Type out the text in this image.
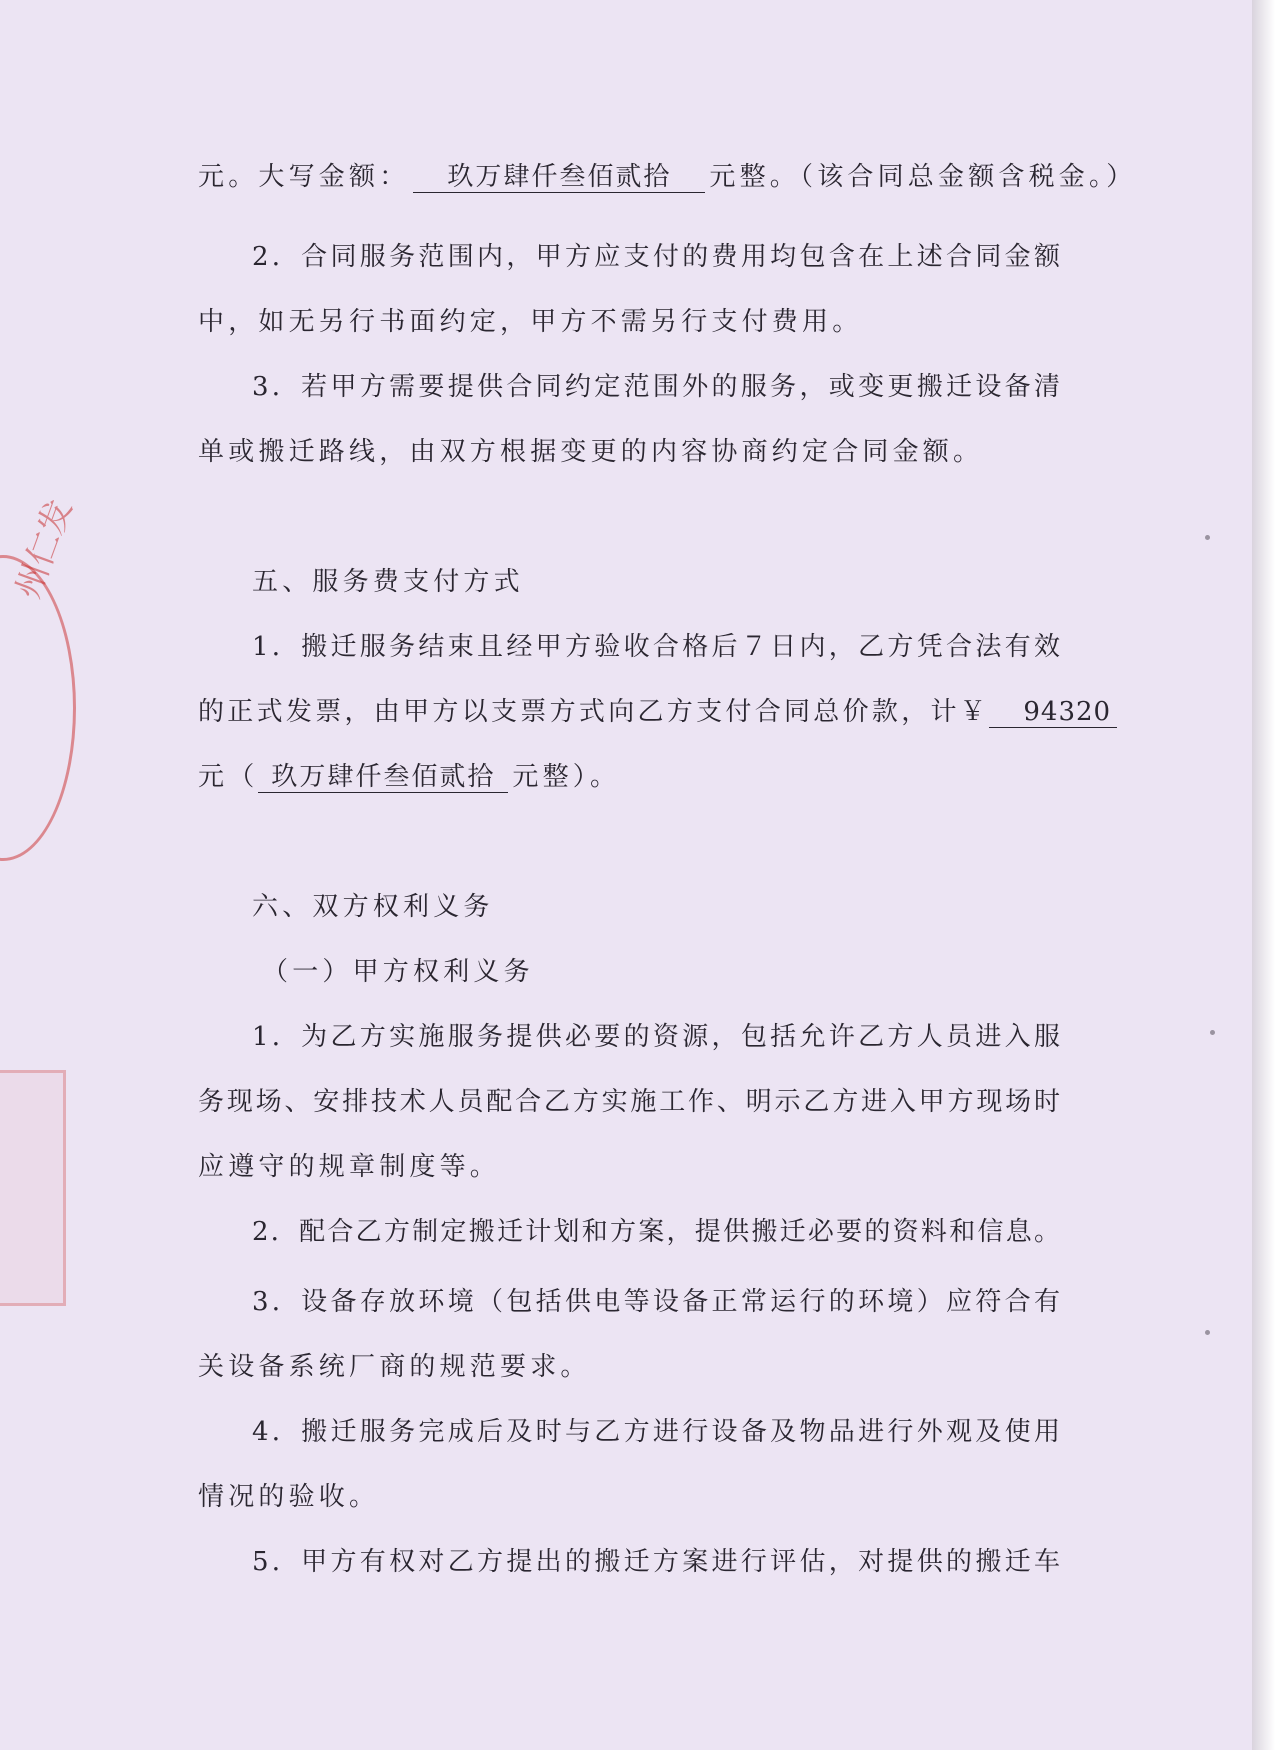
州仁发
元。大写金额： 玖万肆仟叁佰贰拾 元整。（该合同总金额含税金。）
2．合同服务范围内，甲方应支付的费用均包含在上述合同金额
中，如无另行书面约定，甲方不需另行支付费用。
3．若甲方需要提供合同约定范围外的服务，或变更搬迁设备清
单或搬迁路线，由双方根据变更的内容协商约定合同金额。
五、服务费支付方式
1．搬迁服务结束且经甲方验收合格后７日内，乙方凭合法有效
的正式发票，由甲方以支票方式向乙方支付合同总价款，计￥ 94320
元（ 玖万肆仟叁佰贰拾 元整）。
六、双方权利义务
（一）甲方权利义务
1．为乙方实施服务提供必要的资源，包括允许乙方人员进入服
务现场、安排技术人员配合乙方实施工作、明示乙方进入甲方现场时
应遵守的规章制度等。
2．配合乙方制定搬迁计划和方案，提供搬迁必要的资料和信息。
3．设备存放环境（包括供电等设备正常运行的环境）应符合有
关设备系统厂商的规范要求。
4．搬迁服务完成后及时与乙方进行设备及物品进行外观及使用
情况的验收。
5．甲方有权对乙方提出的搬迁方案进行评估，对提供的搬迁车
